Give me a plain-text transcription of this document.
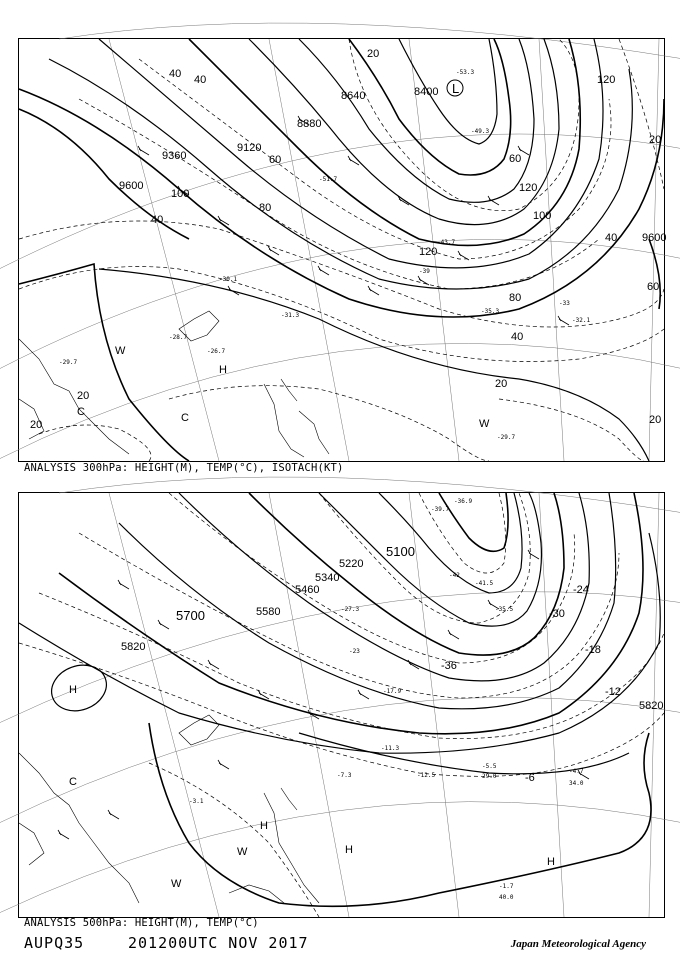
8400
8640
8880
9120
9360
9600
9600
20
40 40
60
80
100
40
120
120
60
120
100
40
20
60
80
40
20
20
20	20
L
H
W
W
C	C
-53.3
-51.7
-49.3
-43.7
-39
-35.3
-33
-32.1
-31.3
-29.7
-29.7
-28.7
-30.1
-26.7
ANALYSIS 300hPa: HEIGHT(M), TEMP(°C), ISOTACH(KT)
5100
5220
5340
5460
5580
5700
5820
5820
-36
-30
-24
-18
-12
-6
H
H
H
H
W
W
C
-39.7
-36.9
-42
-41.5
-35.5
-27.3
-23
-17.9
-11.3
-12.5
-7.3
-5.5
-4.7
-3.1
-1.7
40.0
34.0
29.0
ANALYSIS 500hPa: HEIGHT(M), TEMP(°C)
AUPQ35	201200UTC NOV 2017	Japan Meteorological Agency
